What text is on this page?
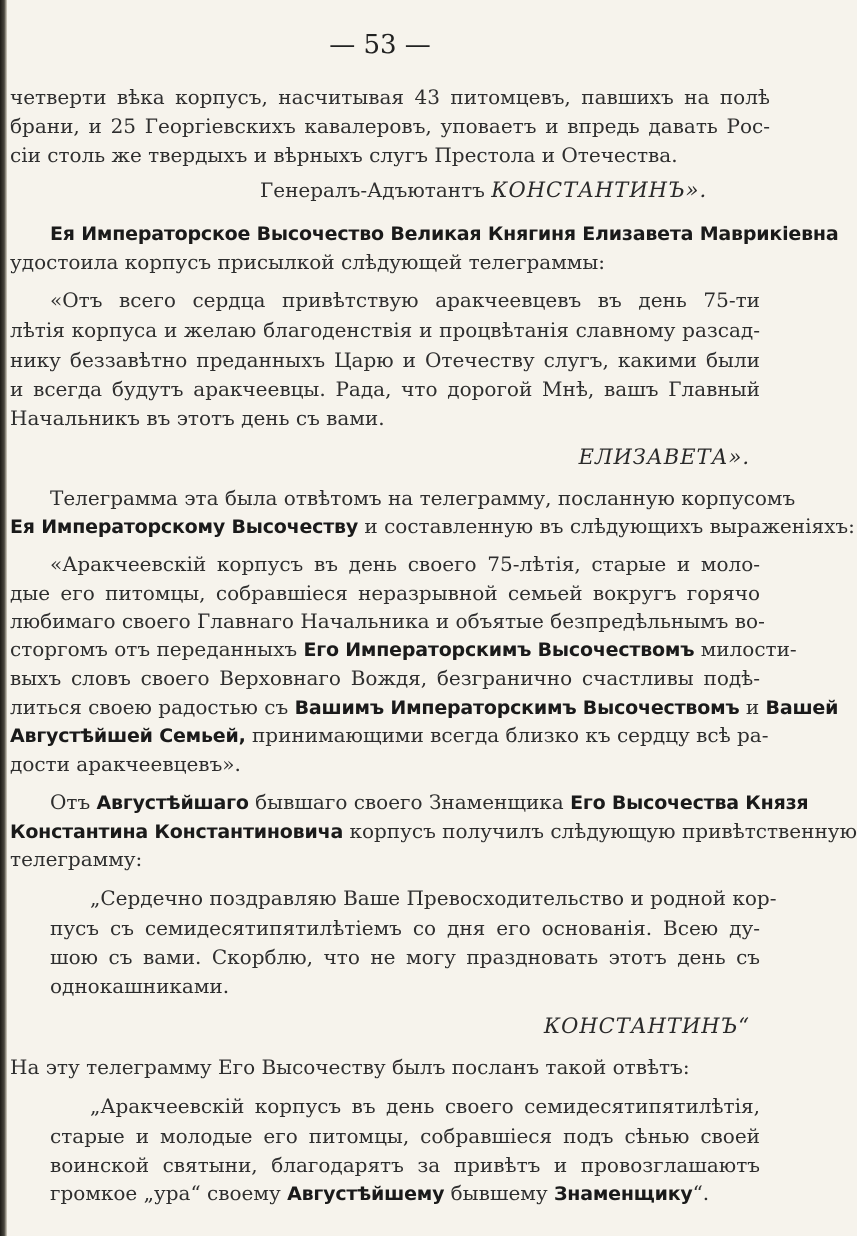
— 53 —
четверти вѣка корпусъ, насчитывая 43 питомцевъ, павшихъ на полѣ
брани, и 25 Георгіевскихъ кавалеровъ, уповаетъ и впредь давать Рос-
сіи столь же твердыхъ и вѣрныхъ слугъ Престола и Отечества.
Генералъ-Адъютантъ КОНСТАНТИНЪ».
Ея Императорское Высочество Великая Княгиня Елизавета Маврикіевна
удостоила корпусъ присылкой слѣдующей телеграммы:
«Отъ всего сердца привѣтствую аракчеевцевъ въ день 75-ти
лѣтія корпуса и желаю благоденствія и процвѣтанія славному разсад-
нику беззавѣтно преданныхъ Царю и Отечеству слугъ, какими были
и всегда будутъ аракчеевцы. Рада, что дорогой Мнѣ, вашъ Главный
Начальникъ въ этотъ день съ вами.
ЕЛИЗАВЕТА».
Телеграмма эта была отвѣтомъ на телеграмму, посланную корпусомъ
Ея Императорскому Высочеству и составленную въ слѣдующихъ выраженіяхъ:
«Аракчеевскій корпусъ въ день своего 75-лѣтія, старые и моло-
дые его питомцы, собравшіеся неразрывной семьей вокругъ горячо
любимаго своего Главнаго Начальника и объятые безпредѣльнымъ во-
сторгомъ отъ переданныхъ Его Императорскимъ Высочествомъ милости-
выхъ словъ своего Верховнаго Вождя, безгранично счастливы подѣ-
литься своею радостью съ Вашимъ Императорскимъ Высочествомъ и Вашей
Августѣйшей Семьей, принимающими всегда близко къ сердцу всѣ ра-
дости аракчеевцевъ».
Отъ Августѣйшаго бывшаго своего Знаменщика Его Высочества Князя
Константина Константиновича корпусъ получилъ слѣдующую привѣтственную
телеграмму:
„Сердечно поздравляю Ваше Превосходительство и родной кор-
пусъ съ семидесятипятилѣтіемъ со дня его основанія. Всею ду-
шою съ вами. Скорблю, что не могу праздновать этотъ день съ
однокашниками.
КОНСТАНТИНЪ“
На эту телеграмму Его Высочеству былъ посланъ такой отвѣтъ:
„Аракчеевскій корпусъ въ день своего семидесятипятилѣтія,
старые и молодые его питомцы, собравшіеся подъ сѣнью своей
воинской святыни, благодарятъ за привѣтъ и провозглашаютъ
громкое „ура“ своему Августѣйшему бывшему Знаменщику“.
